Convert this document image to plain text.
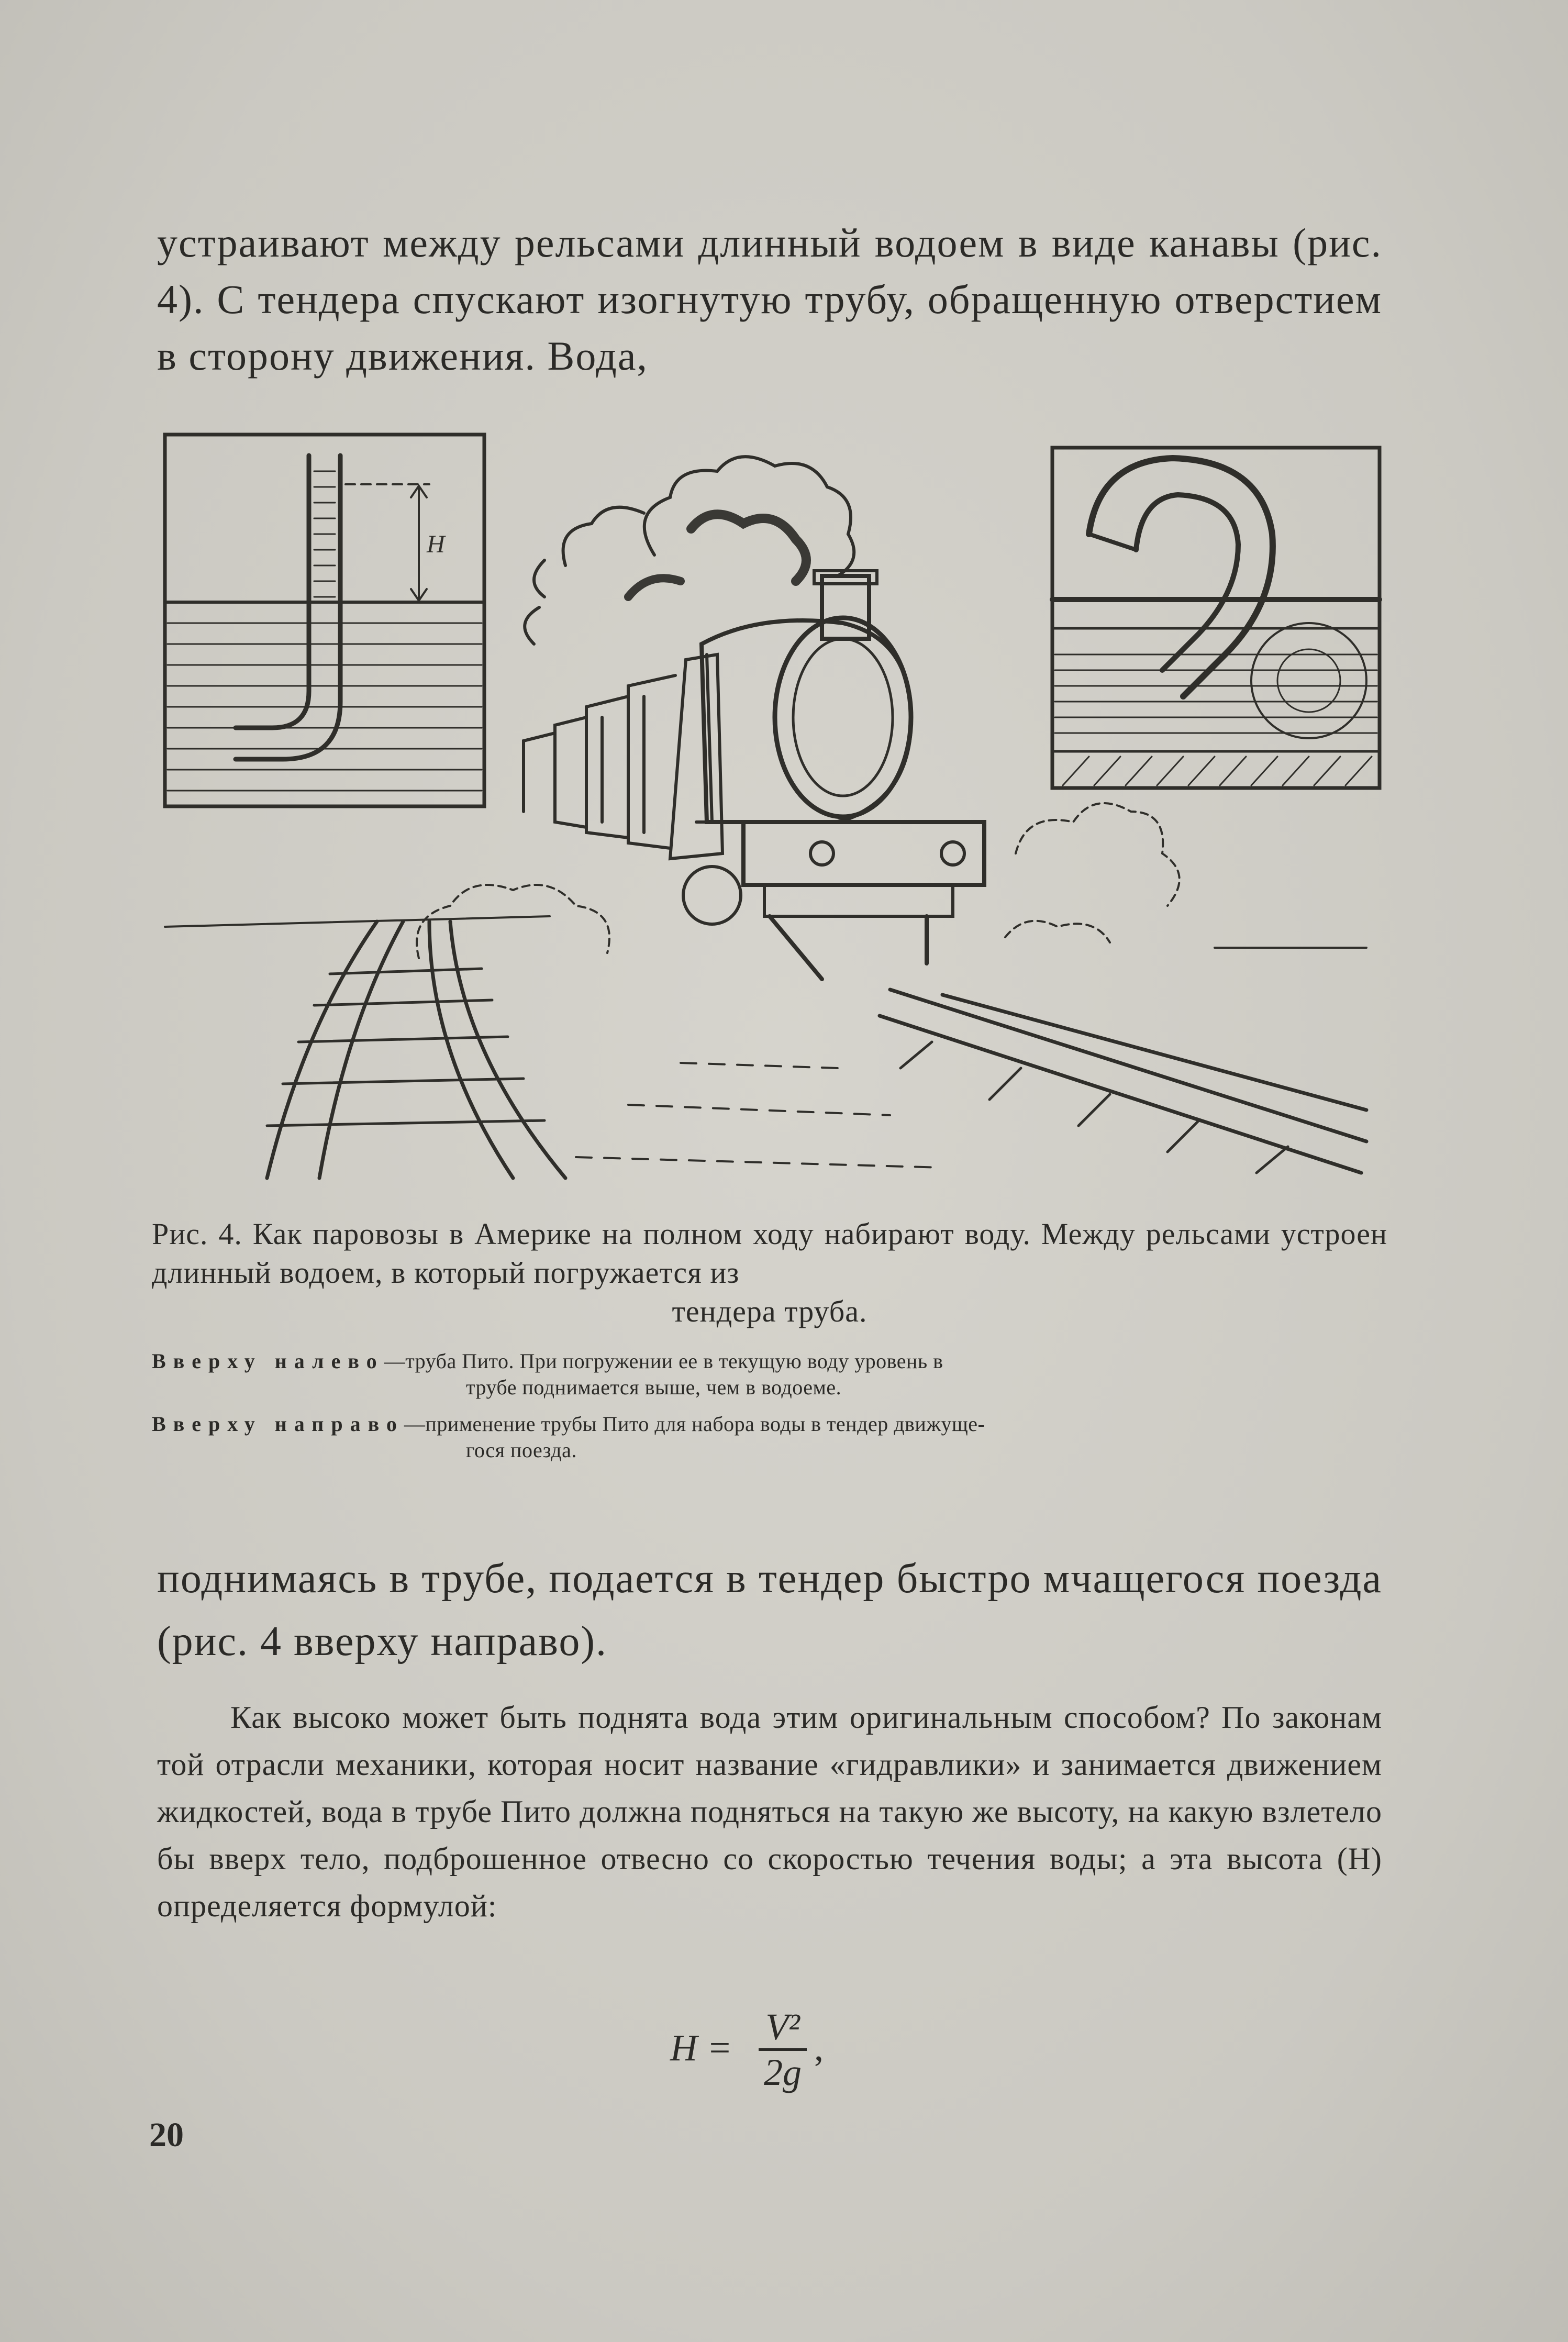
устраивают между рельсами длинный водоем в виде канавы (рис. 4). С тендера спускают изогнутую трубу, обращенную отверстием в сторону движения. Вода,

H
Рис. 4. Как паровозы в Америке на полном ходу набирают воду. Между рельсами устроен длинный водоем, в который погружается из
тендера труба.
Вверху налево—труба Пито. При погружении ее в текущую воду уровень в
трубе поднимается выше, чем в водоеме.
Вверху направо—применение трубы Пито для набора воды в тендер движуще-
гося поезда.

поднимаясь в трубе, подается в тендер быстро мчащегося поезда (рис. 4 вверху направо).

Как высоко может быть поднята вода этим оригинальным способом? По законам той отрасли механики, которая носит название «гидравлики» и занимается движением жидкостей, вода в трубе Пито должна подняться на такую же высоту, на какую взлетело бы вверх тело, подброшенное отвесно со скоростью течения воды; а эта высота (H) определяется формулой:

H = V²
2g
,
20
